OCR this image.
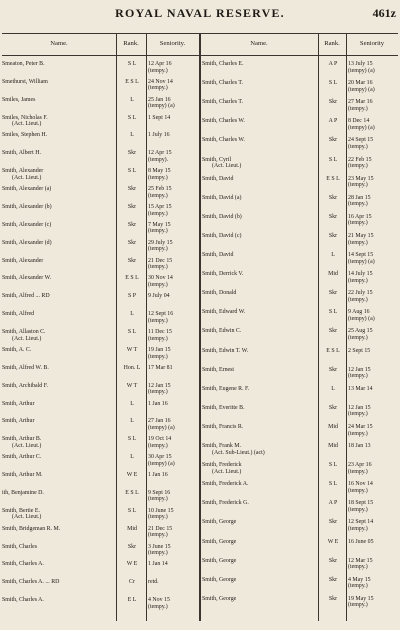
ROYAL NAVAL RESERVE.	461z
Name.	Rank.	Seniority.	Name.	Rank.	Seniority
Smeaton, Peter B.	S L	12 Apr 16
(tempy.)
Smethurst, William	E S L	24 Nov 14
(tempy.)
Smiles, James	L	25 Jan 16
(tempy) (a)
Smiles, Nicholas F.
(Act. Lieut.)
S L	1 Sept 14
Smiles, Stephen H.	L	1 July 16
Smith, Albert H.	Skr	12 Apr 15
(tempy).
Smith, Alexander
(Act. Lieut.)
S L	8 May 15
(tempy.)
Smith, Alexander (a)	Skr	25 Feb 15
(tempy.)
Smith, Alexander (b)	Skr	15 Apr 15
(tempy.)
Smith, Alexander (c)	Skr	7 May 15
(tempy.)
Smith, Alexander (d)	Skr	29 July 15
(tempy.)
Smith, Alexander	Skr	21 Dec 15
(tempy.)
Smith, Alexander W.	E S L	30 Nov 14
(tempy.)
Smith, Alfred ... RD	S P	9 July 04
Smith, Alfred	L	12 Sept 16
(tempy.)
Smith, Allaston C.
(Act. Lieut.)
S L	11 Dec 15
(tempy.)
Smith, A. C.	W T	19 Jan 15
(tempy.)
Smith, Alfred W. B.	Hon. L	17 Mar 81
Smith, Archibald F.	W T	12 Jan 15
(tempy.)
Smith, Arthur	L	1 Jan 16
Smith, Arthur	L	27 Jan 16
(tempy) (a)
Smith, Arthur B.
(Act. Lieut.)
S L	19 Oct 14
(tempy.)
Smith, Arthur C.	L	30 Apr 15
(tempy) (a)
Smith, Arthur M.	W E	1 Jan 16
ith, Benjamine D.	E S L	9 Sept 16
(tempy.)
Smith, Bertie E.
(Act. Lieut.)
S L	10 June 15
(tempy.)
Smith, Bridgeman R. M.	Mid	21 Dec 15
(tempy.)
Smith, Charles	Skr	3 June 15
(tempy.)
Smith, Charles A.	W E	1 Jan 14
Smith, Charles A. ... RD	Cr	retd.
Smith, Charles A.	E L	4 Nov 15
(tempy.)
Smith, Charles E.	A P	13 July 15
(tempy) (a)
Smith, Charles T.	S L	20 Mar 16
(tempy) (a)
Smith, Charles T.	Skr	27 Mar 16
(tempy.)
Smith, Charles W.	A P	8 Dec 14
(tempy) (a)
Smith, Charles W.	Skr	24 Sept 15
(tempy.)
Smith, Cyril
(Act. Lieut.)
S L	22 Feb 15
(tempy.)
Smith, David	E S L	23 May 15
(tempy.)
Smith, David (a)	Skr	28 Jan 15
(tempy.)
Smith, David (b)	Skr	16 Apr 15
(tempy.)
Smith, David (c)	Skr	21 May 15
(tempy.)
Smith, David	L	14 Sept 15
(tempy) (a)
Smith, Derrick V.	Mid	14 July 15
(tempy.)
Smith, Donald	Skr	22 July 15
(tempy.)
Smith, Edward W.	S L	9 Aug 16
(tempy) (a)
Smith, Edwin C.	Skr	25 Aug 15
(tempy.)
Smith, Edwin T. W.	E S L	2 Sept 15
Smith, Ernest	Skr	12 Jan 15
(tempy.)
Smith, Eugene R. F.	L	13 Mar 14
Smith, Everitte B.	Skr	12 Jan 15
(tempy.)
Smith, Francis R.	Mid	24 Mar 15
(tempy.)
Smith, Frank M.
(Act. Sub-Lieut.) (act)
Mid	18 Jan 13
Smith, Frederick
(Act. Lieut.)
S L	23 Apr 16
(tempy.)
Smith, Frederick A.	S L	16 Nov 14
(tempy.)
Smith, Frederick G.	A P	18 Sept 15
(tempy.)
Smith, George	Skr	12 Sept 14
(tempy.)
Smith, George	W E	16 June 05
Smith, George	Skr	12 Mar 15
(tempy.)
Smith, George	Skr	4 May 15
(tempy.)
Smith, George	Skr	19 May 15
(tempy.)
